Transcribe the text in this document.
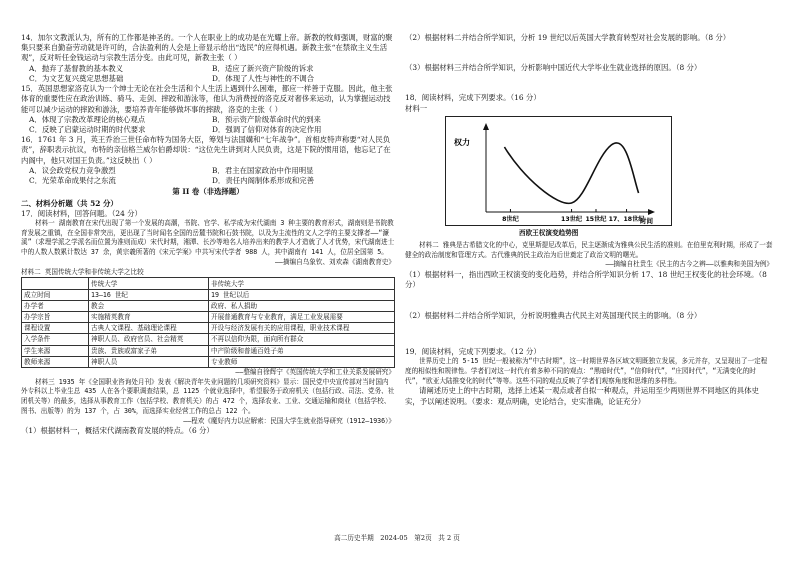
14．加尔文教派认为，所有的工作都是神圣的。一个人在职业上的成功是在光耀上帝。新教的牧师强调，财富的聚集只要来自勤奋劳动就是许可的，合法盈利的人会是上帝显示给出“选民”的应得机遇。新教主张“在禁欲主义生活观”，反对听任金钱运动与宗教生活分变。由此可见，新教主张（ ）

A．抛弃了基督教的基本教义	B．适应了新兴资产阶级的诉求
C．为文艺复兴奠定思想基础	D．体现了人性与神性的不调合

15．英国思想家洛克认为一个绅士无论在社会生活和个人生活上遇到什么困难，都应一样善于克服。因此，他主张体育的重要性应在政治训练、骑马、走剑、摔跤和游泳等，他认为消费授的洛克反对奢侈来运动，认为掌握运动技能可以减少运动的摔跤和游泳，要培养青年能够做坏事的摔跋，洛克的主张（ ）

A．体现了宗教改革理论的核心观点	B．预示资产阶级革命时代的到来
C．反映了启蒙运动时期的时代要求	D．强调了信仰对体育的决定作用

16．1761 年 3 月，英王乔治三世任命布特为国务大臣，筹划与法国媾和“七年战争”。首相皮特声称要“对人民负责”，辞职表示抗议，布特的亲信格兰威尔伯爵却说：“这位先生讲到对人民负责，这是下院的惯用语，他忘记了在内阁中，他只对国王负责。”这反映出（ ）

A．议会政党权力竞争激烈	B．君主在国家政治中作用明显
C．光荣革命成果付之东流	D．责任内阁制体系形成和完善

第 II 卷（非选择题）

二、材料分析题（共 52 分）

17．阅读材料，回答问题。（24 分）

材料一 湖南教育在宋代出现了第一个发展的高潮，书院、官学、私学成为宋代湖南 3 种主要的教育形式，湖南则是书院教育发展之重镇，在全国非常突出，更出现了当时闻名全国的岳麓书院和石鼓书院，以及为主流性的文人之学的主要支撑者——“濂溪”（求理学派之学派名而位置为准则而成）宋代时期，湘潭、长沙等地名人培养出来的教学人才造就了人才优势，宋代湖南进士中的人数人数累计数达 37 余，黄宗羲所著的《宋元学案》中共写宋代学者 988 人，其中湖南有 141 人，位居全国第 5。

——摘编自乌象钦、刘欢森《湖南教育史》

材料二 英国传统大学和非传统大学之比较

	传统大学	非传统大学
成立时间	13—16 世纪	19 世纪以后
办学者	教会	政府、私人捐助
办学宗旨	实施精英教育	开展普通教育与专业教育，满足工业发展需要
课程设置	古典人文课程、基础理论课程	开设与经济发展有关的应用课程，职业技术课程
入学条件	神职人员、政府官员、社会精英	不再以信仰为限，面向所有群众
学生来源	贵族、贵族或富家子弟	中产阶级和普通百姓子弟
教师来源	神职人员	专业教师

——整编自徐辉宁《英国传统大学和工业关系发展研究》

材料三 1935 年《全国职业咨询处月刊》发表《解决青年失业问题的几项研究资料》显示：国民党中央宣传部对当时国内外专科以上毕业生总 435 人在各个要职调查结果，总 1125 个就业选择中，希望服务于政府机关（包括行政、司法、党务、社团机关等）的最多，选择从事教育工作（包括学校、教育机关）的占 472 个，选择农业、工业、交通运输和商业（包括学校、图书、出版等）的为 137 个，占 30%，而选择实业经营工作的总占 122 个。

——程欢《魔好内力以应解索：民国大学生就业指导研究（1912—1936）》

（1）根据材料一，概括宋代湖南教育发展的特点。（6 分）

（2）根据材料二并结合所学知识，分析 19 世纪以后英国大学教育转型对社会发展的影响。（8 分）

（3）根据材料三并结合所学知识，分析影响中国近代大学毕业生就业选择的原因。（8 分）

18．阅读材料，完成下列要求。（16 分）

材料一

权力
时间
8世纪	13世纪 15世纪 17、18世纪

西欧王权演变趋势图

材料二 雅典是古希腊文化的中心，克里斯提尼改革后，民主逐渐成为雅典公民生活的准则。在伯里克利时期，形成了一套健全的政治制度和管理方式。古代雅典的民主政治为后世奠定了政治文明的曙光。

——摘编自杜贵生《民主的古今之辨——以雅典和美国为例》

（1）根据材料一，指出西欧王权演变的变化趋势，并结合所学知识分析 17、18 世纪王权变化的社会环境。（8 分）

（2）根据材料二并结合所学知识，分析说明雅典古代民主对英国现代民主的影响。（8 分）

19．阅读材料，完成下列要求。（12 分）

世界历史上的 5-15 世纪一般被称为“中古时期”，这一时期世界各区域文明既独立发展，多元并存，又呈现出了一定程度的相似性和规律性。学者们对这一时代有着多种不同的观点：“黑暗时代”，“信仰时代”，“庄园时代”，“无满变化的时代”，“欧亚大陆推变化的时代”等等。这些不同的观点反映了学者们观察角度和思维的多样性。

请阐述历史上的中古时期，选择上述某一观点或者自拟一种观点，并运用至少两则世界不同地区的具体史实，予以阐述说明。（要求：观点明确，史论结合，史实准确，论证充分）

高二历史半期　2024-05　第2页　共 2 页
